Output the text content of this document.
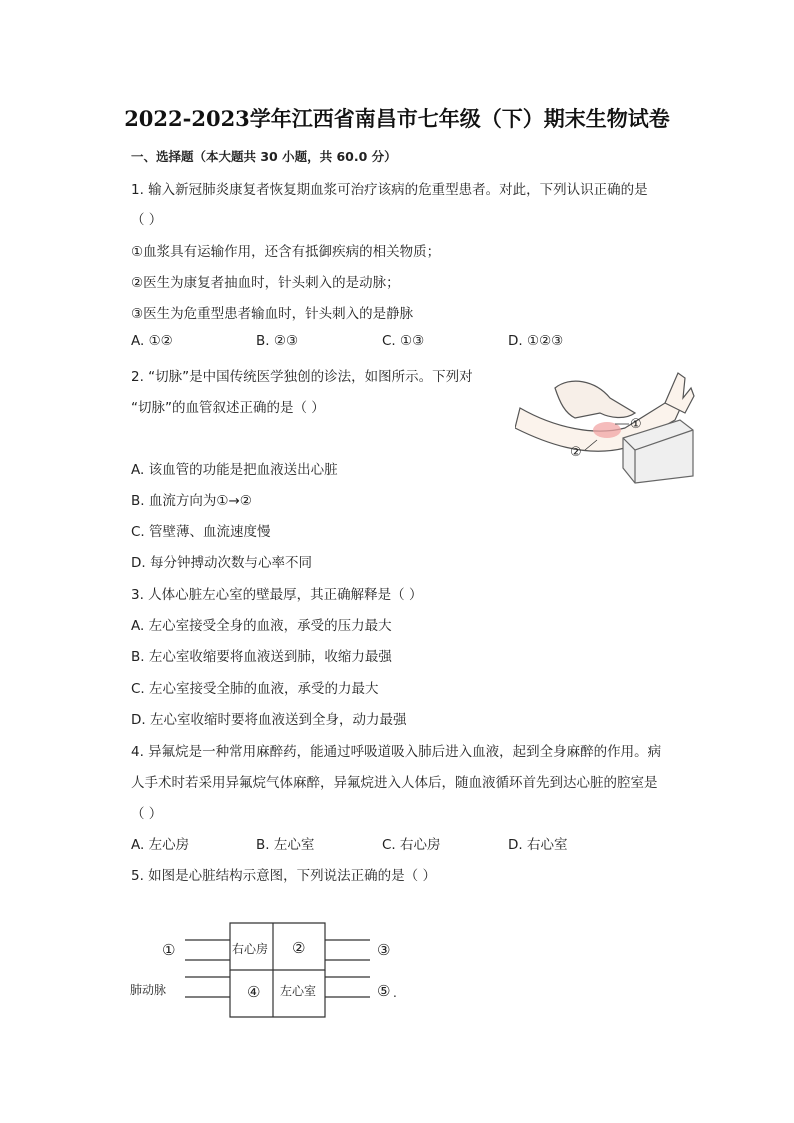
2022-2023学年江西省南昌市七年级（下）期末生物试卷
一、选择题（本大题共 30 小题，共 60.0 分）
1. 输入新冠肺炎康复者恢复期血浆可治疗该病的危重型患者。对此，下列认识正确的是
（ ）
①血浆具有运输作用，还含有抵御疾病的相关物质；
②医生为康复者抽血时，针头刺入的是动脉；
③医生为危重型患者输血时，针头刺入的是静脉
A. ①②	B. ②③	C. ①③	D. ①②③
2. “切脉”是中国传统医学独创的诊法，如图所示。下列对
“切脉”的血管叙述正确的是（ ）
A. 该血管的功能是把血液送出心脏
B. 血流方向为①→②
C. 管壁薄、血流速度慢
D. 每分钟搏动次数与心率不同
①
②
3. 人体心脏左心室的壁最厚，其正确解释是（ ）
A. 左心室接受全身的血液，承受的压力最大
B. 左心室收缩要将血液送到肺，收缩力最强
C. 左心室接受全肺的血液，承受的力最大
D. 左心室收缩时要将血液送到全身，动力最强
4. 异氟烷是一种常用麻醉药，能通过呼吸道吸入肺后进入血液，起到全身麻醉的作用。病
人手术时若采用异氟烷气体麻醉，异氟烷进入人体后，随血液循环首先到达心脏的腔室是
（ ）
A. 左心房	B. 左心室	C. 右心房	D. 右心室
5. 如图是心脏结构示意图，下列说法正确的是（ ）
①	右心房 ②	③
肺动脉	④ 左心室	⑤ .
